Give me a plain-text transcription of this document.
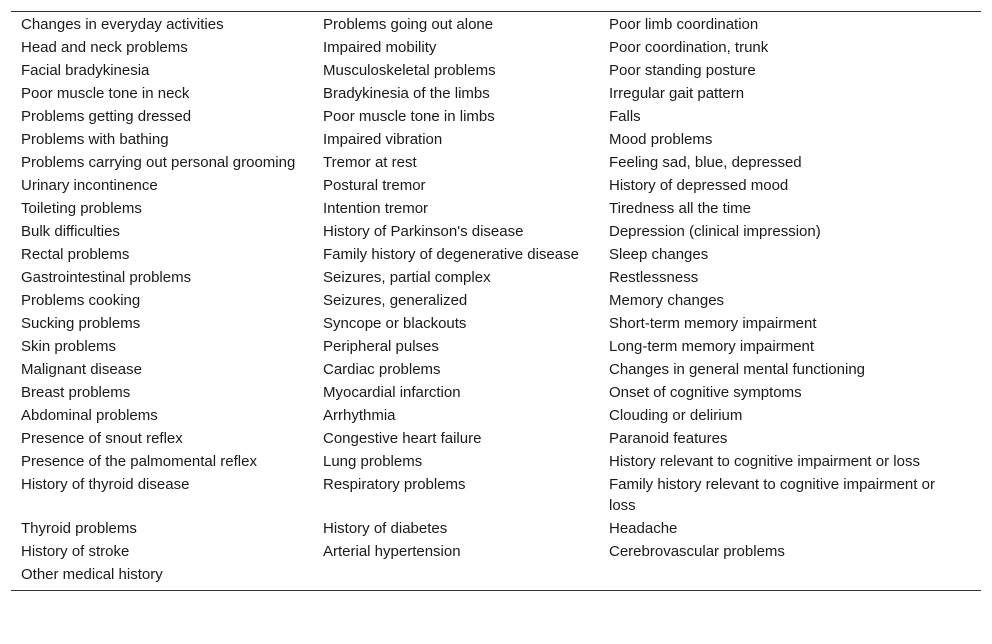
Changes in everyday activities	Problems going out alone	Poor limb coordination
Head and neck problems	Impaired mobility	Poor coordination, trunk
Facial bradykinesia	Musculoskeletal problems	Poor standing posture
Poor muscle tone in neck	Bradykinesia of the limbs	Irregular gait pattern
Problems getting dressed	Poor muscle tone in limbs	Falls
Problems with bathing	Impaired vibration	Mood problems
Problems carrying out personal grooming	Tremor at rest	Feeling sad, blue, depressed
Urinary incontinence	Postural tremor	History of depressed mood
Toileting problems	Intention tremor	Tiredness all the time
Bulk difficulties	History of Parkinson's disease	Depression (clinical impression)
Rectal problems	Family history of degenerative disease	Sleep changes
Gastrointestinal problems	Seizures, partial complex	Restlessness
Problems cooking	Seizures, generalized	Memory changes
Sucking problems	Syncope or blackouts	Short-term memory impairment
Skin problems	Peripheral pulses	Long-term memory impairment
Malignant disease	Cardiac problems	Changes in general mental functioning
Breast problems	Myocardial infarction	Onset of cognitive symptoms
Abdominal problems	Arrhythmia	Clouding or delirium
Presence of snout reflex	Congestive heart failure	Paranoid features
Presence of the palmomental reflex	Lung problems	History relevant to cognitive impairment or loss
History of thyroid disease	Respiratory problems	Family history relevant to cognitive impairment or loss
Thyroid problems	History of diabetes	Headache
History of stroke	Arterial hypertension	Cerebrovascular problems
Other medical history		
